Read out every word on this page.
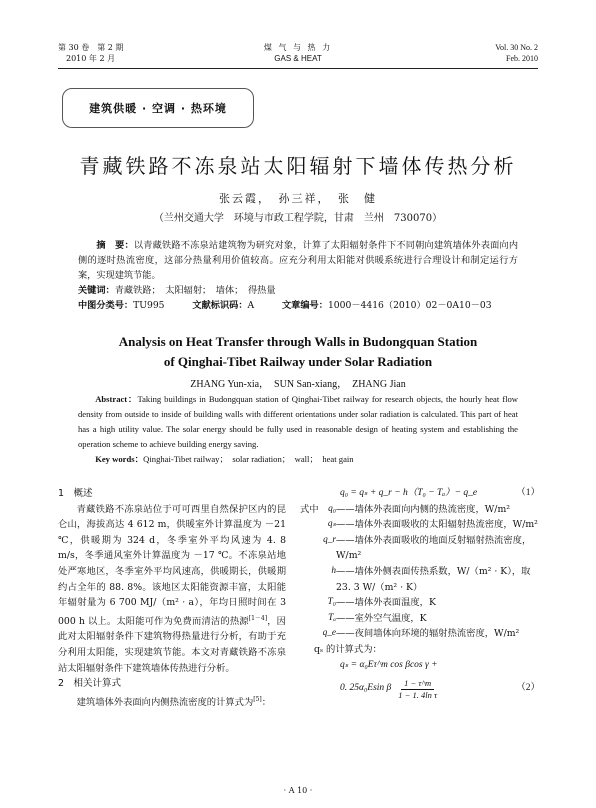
第 30 卷　第 2 期
2010 年 2 月
煤 气 与 热 力
GAS & HEAT
Vol. 30 No. 2
Feb. 2010
建筑供暖 · 空调 · 热环境
青藏铁路不冻泉站太阳辐射下墙体传热分析
张云霞，　孙三祥，　张　健
（兰州交通大学　环境与市政工程学院，甘肃　兰州　730070）
摘　要：以青藏铁路不冻泉站建筑物为研究对象，计算了太阳辐射条件下不同朝向建筑墙体外表面向内侧的逐时热流密度，这部分热量利用价值较高。应充分利用太阳能对供暖系统进行合理设计和制定运行方案，实现建筑节能。
关键词：青藏铁路；　太阳辐射；　墙体；　得热量
中图分类号：TU995	文献标识码：A	文章编号：1000－4416（2010）02－0A10－03
Analysis on Heat Transfer through Walls in Budongquan Station
of Qinghai-Tibet Railway under Solar Radiation
ZHANG Yun-xia，　SUN San-xiang，　ZHANG Jian
Abstract：Taking buildings in Budongquan station of Qinghai-Tibet railway for research objects, the hourly heat flow density from outside to inside of building walls with different orientations under solar radiation is calculated. This part of heat has a high utility value. The solar energy should be fully used in reasonable design of heating system and establishing the operation scheme to achieve building energy saving.
Key words：Qinghai-Tibet railway；　solar radiation；　wall；　heat gain
1　概述
青藏铁路不冻泉站位于可可西里自然保护区内的昆仑山，海拔高达 4 612 m，供暖室外计算温度为 －21 ℃，供暖期为 324 d，冬季室外平均风速为 4. 8 m/s，冬季通风室外计算温度为 －17 ℃。不冻泉站地处严寒地区，冬季室外平均风速高，供暖期长，供暖期约占全年的 88. 8%。该地区太阳能资源丰富，太阳能年辐射量为 6 700 MJ/（m² · a），年均日照时间在 3 000 h 以上。太阳能可作为免费而清洁的热源[1－4]，因此对太阳辐射条件下建筑物得热量进行分析，有助于充分利用太阳能，实现建筑节能。本文对青藏铁路不冻泉站太阳辐射条件下建筑墙体传热进行分析。
2　相关计算式
建筑墙体外表面向内侧热流密度的计算式为[5]：
q₀ = qₛ + q_r − h（T₀ − Tₐ）− q_e	（1）
式中	q₀ ——墙体外表面向内侧的热流密度，W/m²
qₛ ——墙体外表面吸收的太阳辐射热流密度，W/m²
q_r ——墙体外表面吸收的地面反射辐射热流密度，W/m²
h ——墙体外侧表面传热系数，W/（m² · K），取 23. 3 W/（m² · K）
T₀ ——墙体外表面温度，K
Tₐ ——室外空气温度，K
q_e ——夜间墙体向环境的辐射热流密度，W/m²
qₛ 的计算式为：
qₛ = α₀Eτ^m cos βcos γ +
0. 25α₀Esin β $\frac{1 - \tau\^{}m}{\text{1 − 1. 4ln τ}}$	（2）
· A 10 ·
